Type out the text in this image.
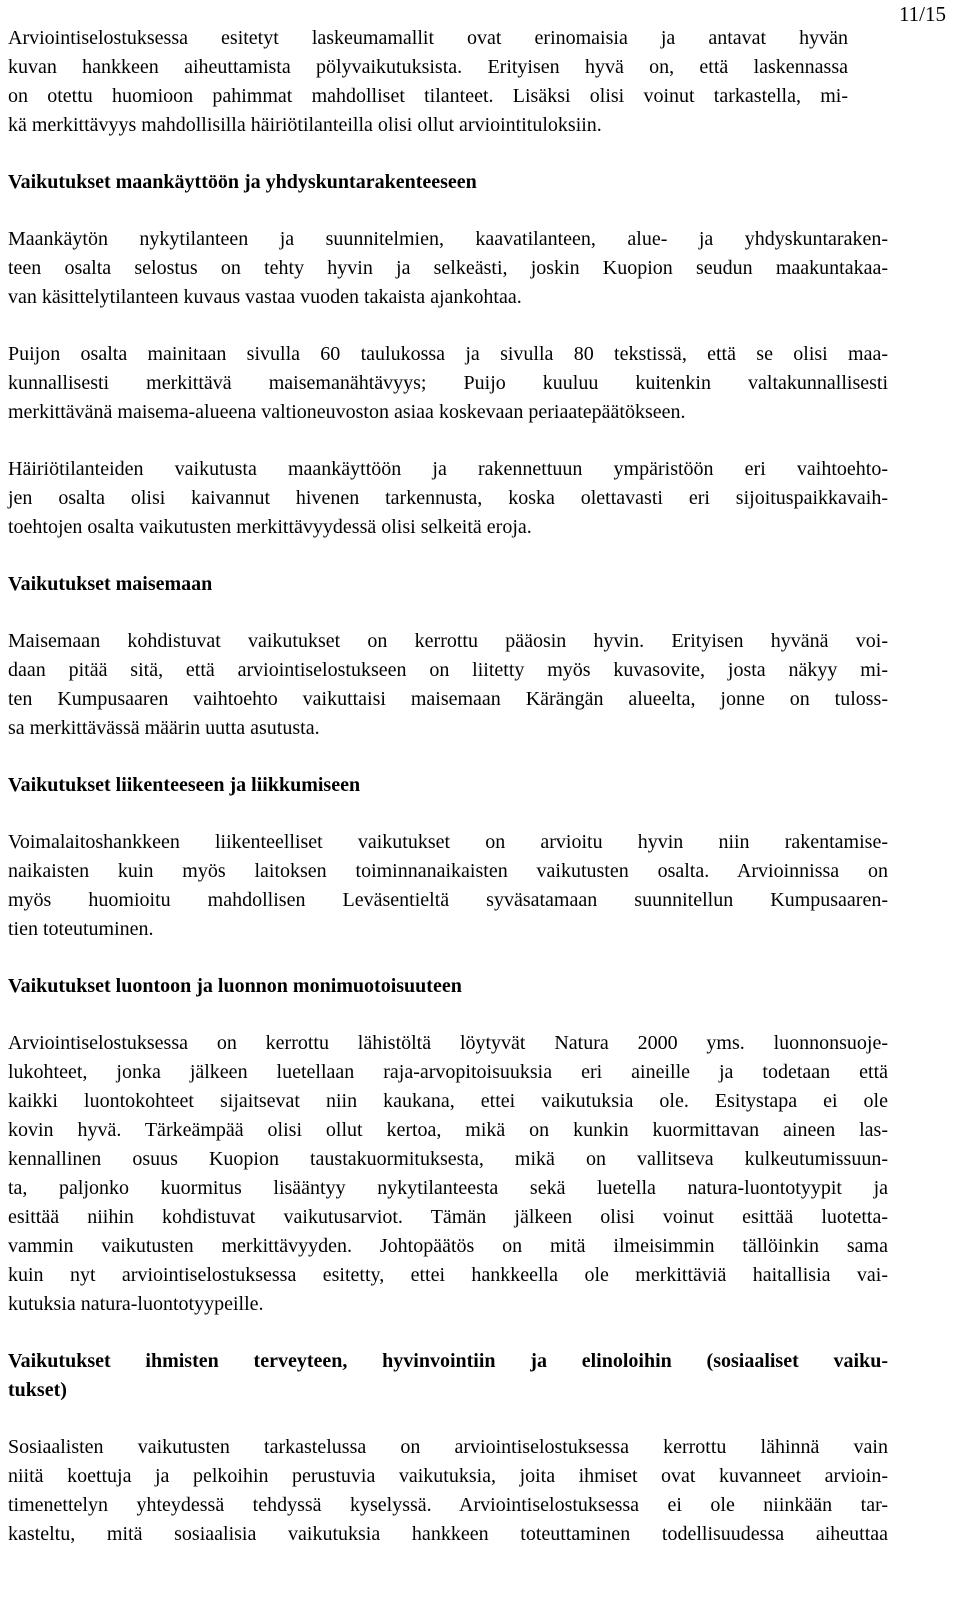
11/15

Arviointiselostuksessa esitetyt laskeumamallit ovat erinomaisia ja antavat hyvän
kuvan hankkeen aiheuttamista pölyvaikutuksista. Erityisen hyvä on, että laskennassa
on otettu huomioon pahimmat mahdolliset tilanteet. Lisäksi olisi voinut tarkastella, mi-
kä merkittävyys mahdollisilla häiriötilanteilla olisi ollut arviointituloksiin.

Vaikutukset maankäyttöön ja yhdyskuntarakenteeseen

Maankäytön nykytilanteen ja suunnitelmien, kaavatilanteen, alue- ja yhdyskuntaraken-
teen osalta selostus on tehty hyvin ja selkeästi, joskin Kuopion seudun maakuntakaa-
van käsittelytilanteen kuvaus vastaa vuoden takaista ajankohtaa.

Puijon osalta mainitaan sivulla 60 taulukossa ja sivulla 80 tekstissä, että se olisi maa-
kunnallisesti merkittävä maisemanähtävyys; Puijo kuuluu kuitenkin valtakunnallisesti
merkittävänä maisema-alueena valtioneuvoston asiaa koskevaan periaatepäätökseen.

Häiriötilanteiden vaikutusta maankäyttöön ja rakennettuun ympäristöön eri vaihtoehto-
jen osalta olisi kaivannut hivenen tarkennusta, koska olettavasti eri sijoituspaikkavaih-
toehtojen osalta vaikutusten merkittävyydessä olisi selkeitä eroja.

Vaikutukset maisemaan

Maisemaan kohdistuvat vaikutukset on kerrottu pääosin hyvin. Erityisen hyvänä voi-
daan pitää sitä, että arviointiselostukseen on liitetty myös kuvasovite, josta näkyy mi-
ten Kumpusaaren vaihtoehto vaikuttaisi maisemaan Kärängän alueelta, jonne on tuloss-
sa merkittävässä määrin uutta asutusta.

Vaikutukset liikenteeseen ja liikkumiseen

Voimalaitoshankkeen liikenteelliset vaikutukset on arvioitu hyvin niin rakentamise-
naikaisten kuin myös laitoksen toiminnanaikaisten vaikutusten osalta. Arvioinnissa on
myös huomioitu mahdollisen Leväsentieltä syväsatamaan suunnitellun Kumpusaaren-
tien toteutuminen.

Vaikutukset luontoon ja luonnon monimuotoisuuteen

Arviointiselostuksessa on kerrottu lähistöltä löytyvät Natura 2000 yms. luonnonsuoje-
lukohteet, jonka jälkeen luetellaan raja-arvopitoisuuksia eri aineille ja todetaan että
kaikki luontokohteet sijaitsevat niin kaukana, ettei vaikutuksia ole. Esitystapa ei ole
kovin hyvä. Tärkeämpää olisi ollut kertoa, mikä on kunkin kuormittavan aineen las-
kennallinen osuus Kuopion taustakuormituksesta, mikä on vallitseva kulkeutumissuun-
ta, paljonko kuormitus lisääntyy nykytilanteesta sekä luetella natura-luontotyypit ja
esittää niihin kohdistuvat vaikutusarviot. Tämän jälkeen olisi voinut esittää luotetta-
vammin vaikutusten merkittävyyden. Johtopäätös on mitä ilmeisimmin tällöinkin sama
kuin nyt arviointiselostuksessa esitetty, ettei hankkeella ole merkittäviä haitallisia vai-
kutuksia natura-luontotyypeille.

Vaikutukset ihmisten terveyteen, hyvinvointiin ja elinoloihin (sosiaaliset vaiku-
tukset)

Sosiaalisten vaikutusten tarkastelussa on arviointiselostuksessa kerrottu lähinnä vain
niitä koettuja ja pelkoihin perustuvia vaikutuksia, joita ihmiset ovat kuvanneet arvioin-
timenettelyn yhteydessä tehdyssä kyselyssä. Arviointiselostuksessa ei ole niinkään tar-
kasteltu, mitä sosiaalisia vaikutuksia hankkeen toteuttaminen todellisuudessa aiheuttaa
